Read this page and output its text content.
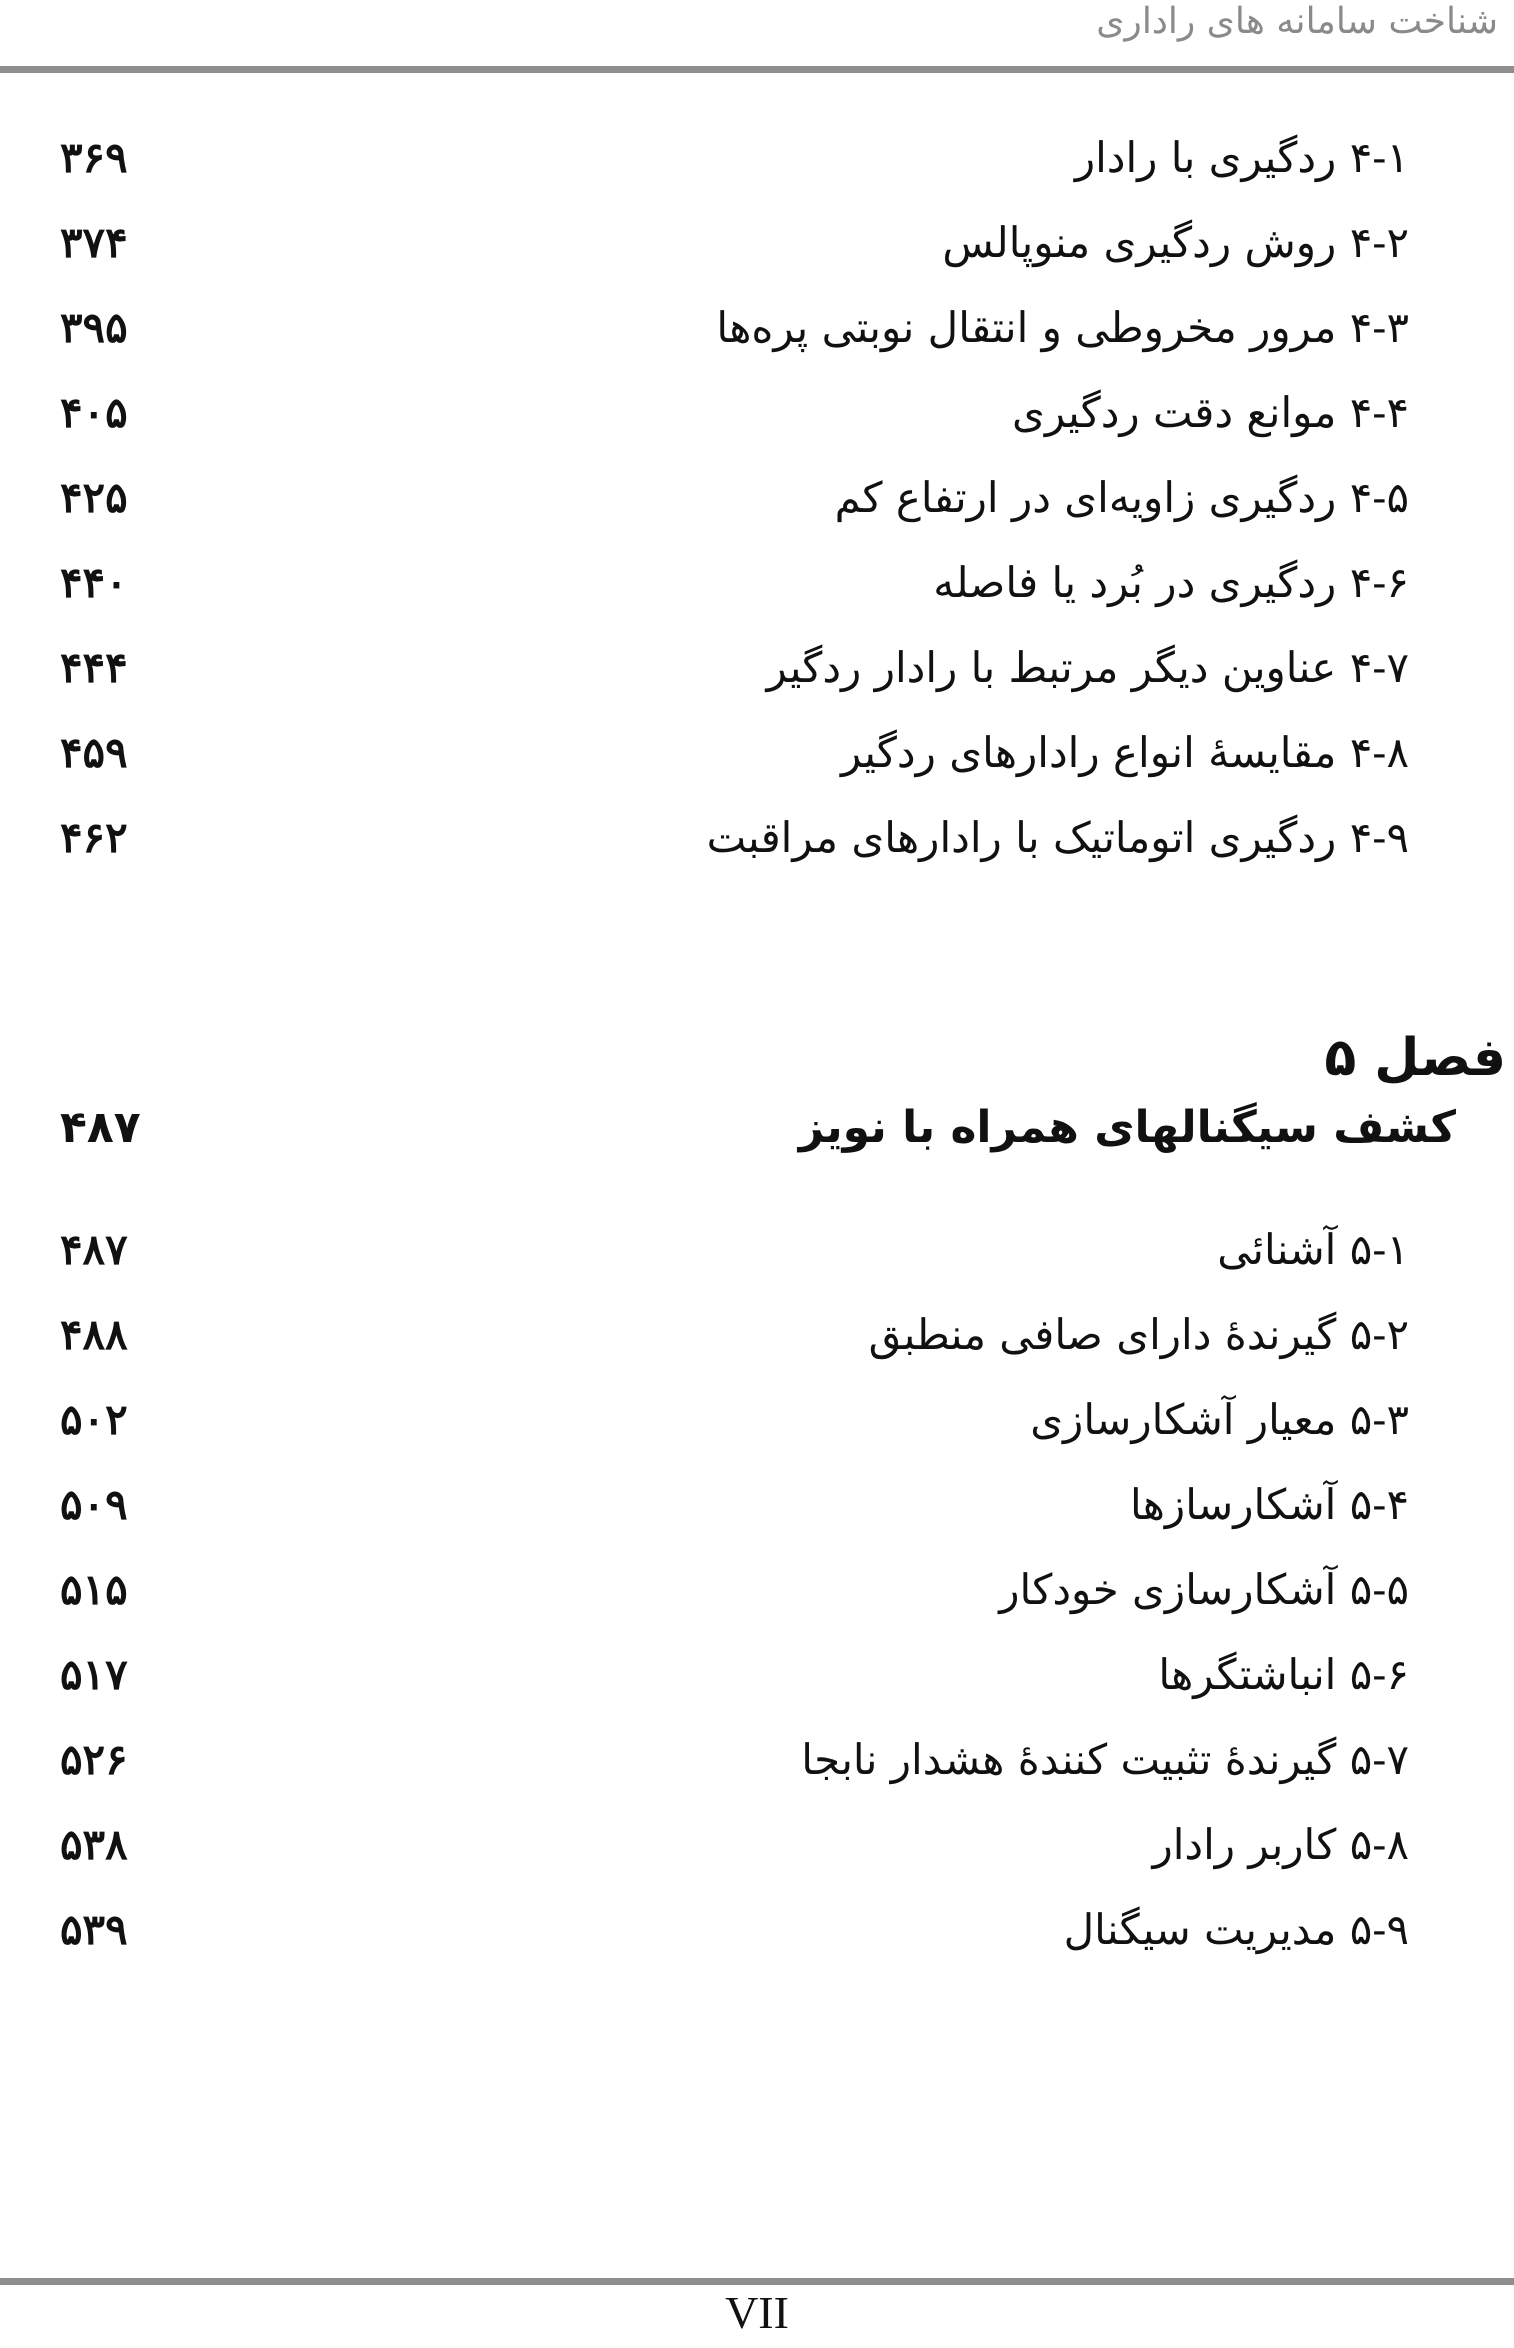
شناخت سامانه های راداری
۴-۱ ردگیری با رادار
۳۶۹
۴-۲ روش ردگیری منوپالس
۳۷۴
۴-۳ مرور مخروطی و انتقال نوبتی پره‌ها
۳۹۵
۴-۴ موانع دقت ردگیری
۴۰۵
۴-۵ ردگیری زاویه‌ای در ارتفاع کم
۴۲۵
۴-۶ ردگیری در بُرد یا فاصله
۴۴۰
۴-۷ عناوین دیگر مرتبط با رادار ردگیر
۴۴۴
۴-۸ مقایسهٔ انواع رادارهای ردگیر
۴۵۹
۴-۹ ردگیری اتوماتیک با رادارهای مراقبت
۴۶۲
فصل ۵
کشف سیگنالهای همراه با نویز
۴۸۷
۵-۱ آشنائی
۴۸۷
۵-۲ گیرندهٔ دارای صافی منطبق
۴۸۸
۵-۳ معیار آشکارسازی
۵۰۲
۵-۴ آشکارسازها
۵۰۹
۵-۵ آشکارسازی خودکار
۵۱۵
۵-۶ انباشتگرها
۵۱۷
۵-۷ گیرندهٔ تثبیت کنندهٔ هشدار نابجا
۵۲۶
۵-۸ کاربر رادار
۵۳۸
۵-۹ مدیریت سیگنال
۵۳۹
VII
